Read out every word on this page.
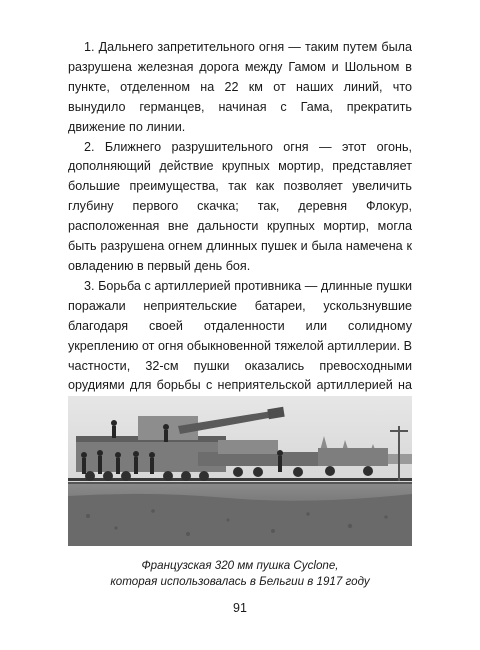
1. Дальнего запретительного огня — таким путем была разрушена железная дорога между Гамом и Шольном в пункте, отделенном на 22 км от наших линий, что вынудило германцев, начиная с Гама, прекратить движение по линии.

2. Ближнего разрушительного огня — этот огонь, дополняющий действие крупных мортир, представляет большие преимущества, так как позволяет увеличить глубину первого скачка; так, деревня Флокур, расположенная вне дальности крупных мортир, могла быть разрушена огнем длинных пушек и была намечена к овладению в первый день боя.

3. Борьба с артиллерией противника — длинные пушки поражали неприятельские батареи, ускользнувшие благодаря своей отдаленности или солидному укреплению от огня обыкновенной тяжелой артиллерии. В частности, 32-см пушки оказались превосходными орудиями для борьбы с неприятельской артиллерией на

Французская 320 мм пушка Cyclone,
которая использовалась в Бельгии в 1917 году
91
